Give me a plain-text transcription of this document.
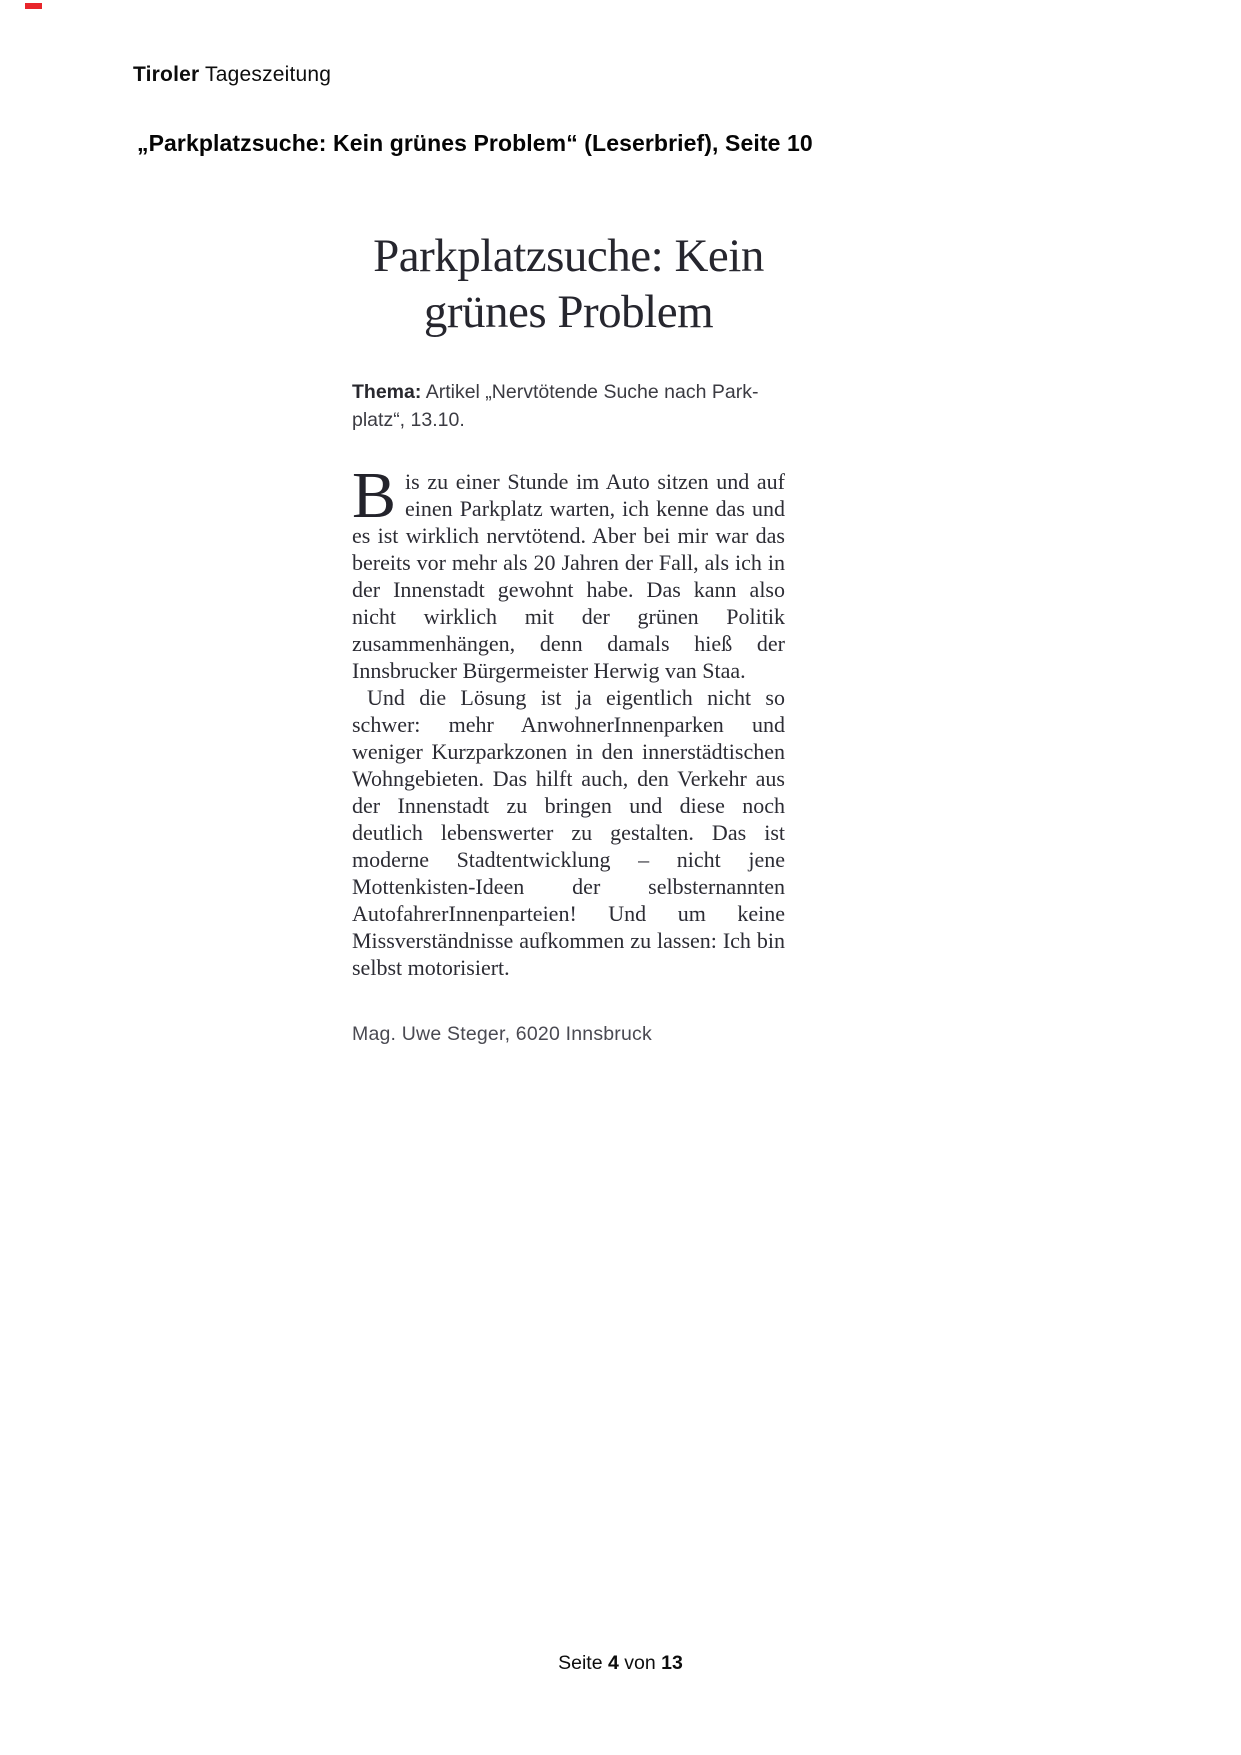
Tiroler Tageszeitung
„Parkplatzsuche: Kein grünes Problem“ (Leserbrief), Seite 10
Parkplatzsuche: Kein
grünes Problem

Thema: Artikel „Nervtötende Suche nach Parkplatz“, 13.10.

Bis zu einer Stunde im Auto sitzen und auf einen Parkplatz warten, ich kenne das und es ist wirklich nervtötend. Aber bei mir war das bereits vor mehr als 20 Jahren der Fall, als ich in der Innenstadt gewohnt habe. Das kann also nicht wirklich mit der grünen Politik zusammenhängen, denn damals hieß der Innsbrucker Bürgermeister Herwig van Staa.

Und die Lösung ist ja eigentlich nicht so schwer: mehr AnwohnerInnenparken und weniger Kurzparkzonen in den innerstädtischen Wohngebieten. Das hilft auch, den Verkehr aus der Innenstadt zu bringen und diese noch deutlich lebenswerter zu gestalten. Das ist moderne Stadtentwicklung – nicht jene Mottenkisten-Ideen der selbsternannten AutofahrerInnenparteien! Und um keine Missverständnisse aufkommen zu lassen: Ich bin selbst motorisiert.

Mag. Uwe Steger, 6020 Innsbruck

Seite 4 von 13
